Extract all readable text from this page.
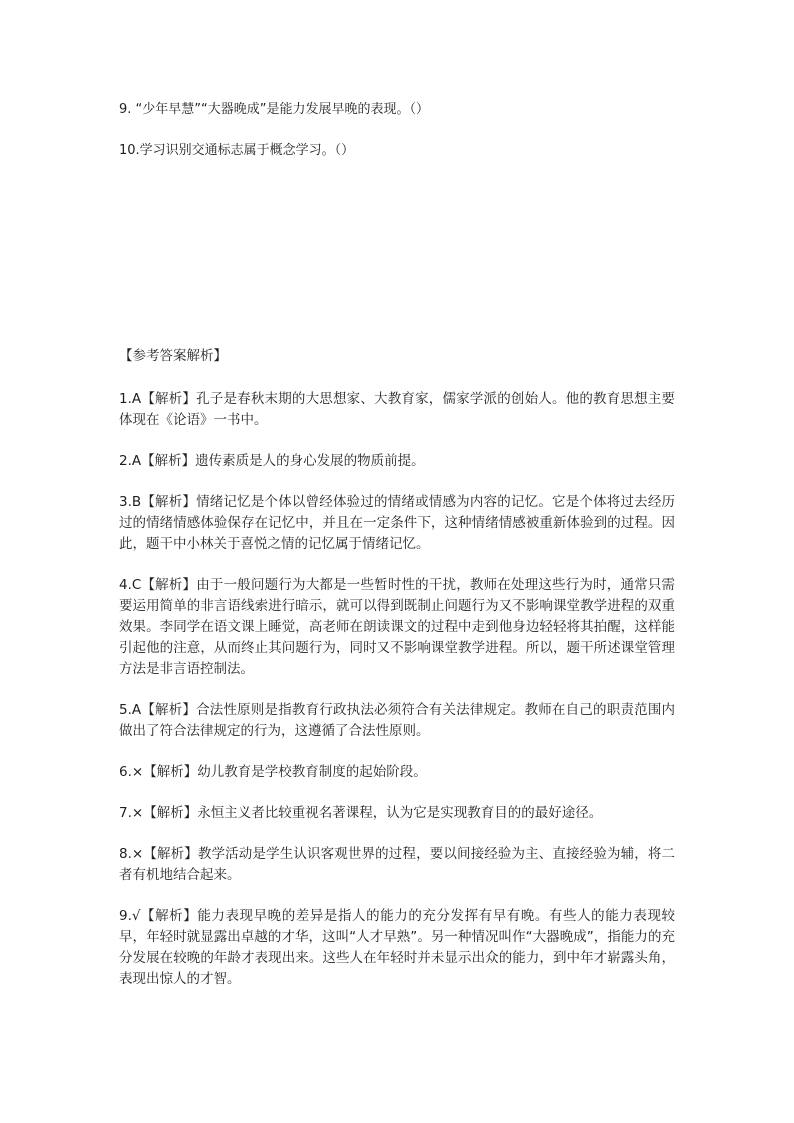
9. “少年早慧”“大器晚成”是能力发展早晚的表现。（）

10.学习识别交通标志属于概念学习。（）

【参考答案解析】

1.A【解析】孔子是春秋末期的大思想家、大教育家，儒家学派的创始人。他的教育思想主要体现在《论语》一书中。

2.A【解析】遗传素质是人的身心发展的物质前提。

3.B【解析】情绪记忆是个体以曾经体验过的情绪或情感为内容的记忆。它是个体将过去经历过的情绪情感体验保存在记忆中，并且在一定条件下，这种情绪情感被重新体验到的过程。因此，题干中小林关于喜悦之情的记忆属于情绪记忆。

4.C【解析】由于一般问题行为大都是一些暂时性的干扰，教师在处理这些行为时，通常只需要运用简单的非言语线索进行暗示，就可以得到既制止问题行为又不影响课堂教学进程的双重效果。李同学在语文课上睡觉，高老师在朗读课文的过程中走到他身边轻轻将其拍醒，这样能引起他的注意，从而终止其问题行为，同时又不影响课堂教学进程。所以，题干所述课堂管理方法是非言语控制法。

5.A【解析】合法性原则是指教育行政执法必须符合有关法律规定。教师在自己的职责范围内做出了符合法律规定的行为，这遵循了合法性原则。

6.×【解析】幼儿教育是学校教育制度的起始阶段。

7.×【解析】永恒主义者比较重视名著课程，认为它是实现教育目的的最好途径。

8.×【解析】教学活动是学生认识客观世界的过程，要以间接经验为主、直接经验为辅，将二者有机地结合起来。

9.√【解析】能力表现早晚的差异是指人的能力的充分发挥有早有晚。有些人的能力表现较早，年轻时就显露出卓越的才华，这叫“人才早熟”。另一种情况叫作“大器晚成”，指能力的充分发展在较晚的年龄才表现出来。这些人在年轻时并未显示出众的能力，到中年才崭露头角，表现出惊人的才智。
